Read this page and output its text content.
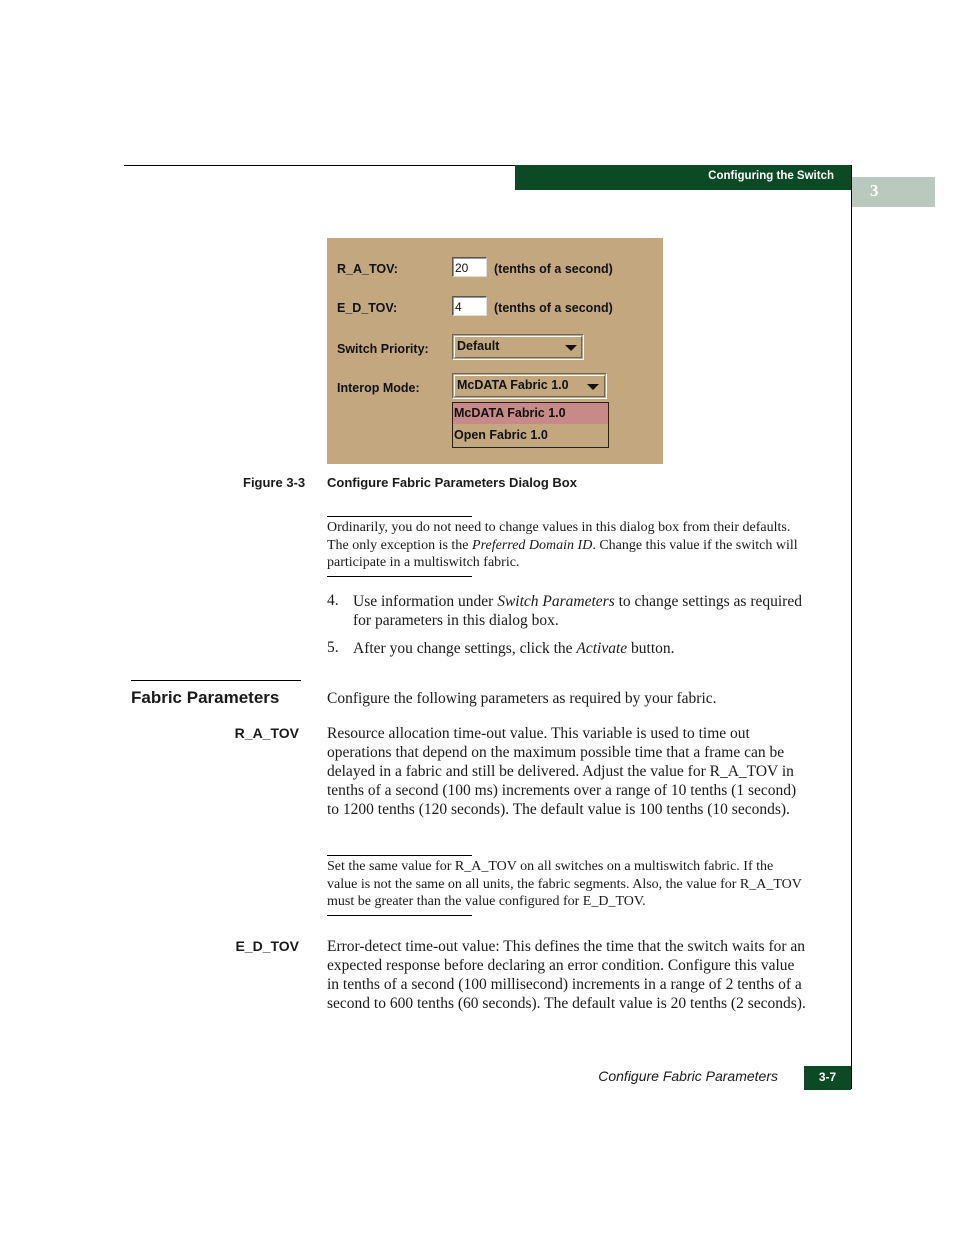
Configuring the Switch
3
R_A_TOV:	20	(tenths of a second)
E_D_TOV:	4	(tenths of a second)
Switch Priority: Default
Interop Mode:	McDATA Fabric 1.0
McDATA Fabric 1.0
Open Fabric 1.0
Figure 3-3 Configure Fabric Parameters Dialog Box
Ordinarily, you do not need to change values in this dialog box from their defaults. The only exception is the Preferred Domain ID. Change this value if the switch will participate in a multiswitch fabric.
4. Use information under Switch Parameters to change settings as required for parameters in this dialog box.
5. After you change settings, click the Activate button.
Fabric Parameters	Configure the following parameters as required by your fabric.
R_A_TOV Resource allocation time-out value. This variable is used to time out operations that depend on the maximum possible time that a frame can be delayed in a fabric and still be delivered. Adjust the value for R_A_TOV in tenths of a second (100 ms) increments over a range of 10 tenths (1 second) to 1200 tenths (120 seconds). The default value is 100 tenths (10 seconds).
Set the same value for R_A_TOV on all switches on a multiswitch fabric. If the value is not the same on all units, the fabric segments. Also, the value for R_A_TOV must be greater than the value configured for E_D_TOV.
E_D_TOV Error-detect time-out value: This defines the time that the switch waits for an expected response before declaring an error condition. Configure this value in tenths of a second (100 millisecond) increments in a range of 2 tenths of a second to 600 tenths (60 seconds). The default value is 20 tenths (2 seconds).
Configure Fabric Parameters	3-7
